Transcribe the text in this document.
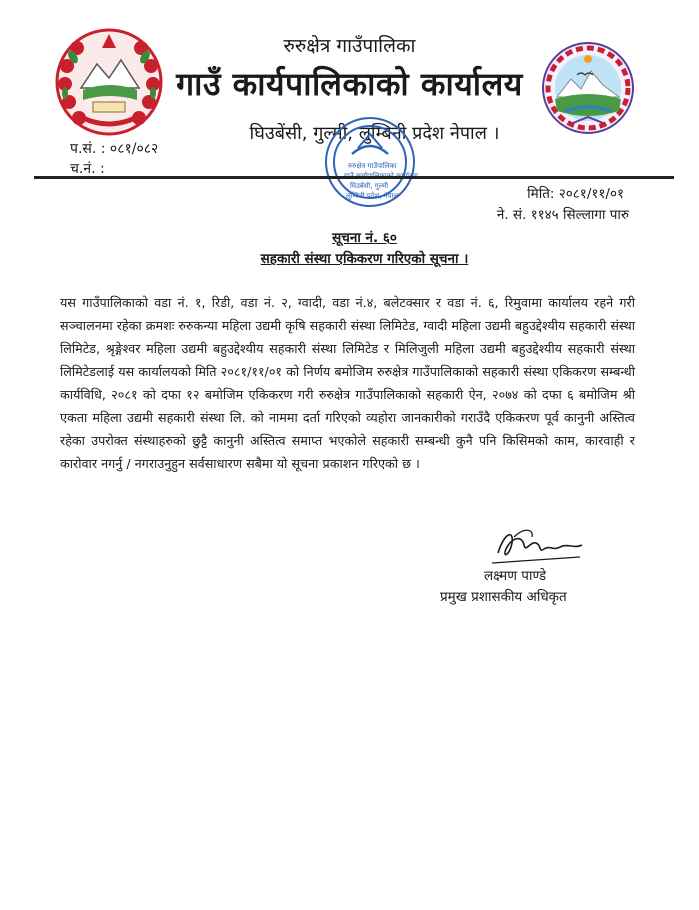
रुरुक्षेत्र गाउँपालिका
गाउँ कार्यपालिकाको कार्यालय
घिउबेंसी, गुल्मी, लुम्बिनी प्रदेश नेपाल ।
प.सं. : ०८१/०८२
च.नं. :	रुरुक्षेत्र गाउँपालिका
गाउँ कार्यपालिकाको कार्यालय
घिउबेंसी, गुल्मी
लुम्बिनी प्रदेश, नेपाल	मिति: २०८१/११/०१
ने. सं. ११४५ सिल्लागा पारु
सूचना नं. ६०
सहकारी संस्था एकिकरण गरिएको सूचना ।
यस गाउँपालिकाको वडा नं. १, रिडी, वडा नं. २, ग्वादी, वडा नं.४, बलेटक्सार र वडा नं. ६, रिमुवामा कार्यालय रहने गरी सञ्चालनमा रहेका क्रमशः रुरुकन्या महिला उद्यमी कृषि सहकारी संस्था लिमिटेड, ग्वादी महिला उद्यमी बहुउद्देश्यीय सहकारी संस्था लिमिटेड, श्रृङ्गेश्वर महिला उद्यमी बहुउद्देश्यीय सहकारी संस्था लिमिटेड र मिलिजुली महिला उद्यमी बहुउद्देश्यीय सहकारी संस्था लिमिटेडलाई यस कार्यालयको मिति २०८१/११/०१ को निर्णय बमोजिम रुरुक्षेत्र गाउँपालिकाको सहकारी संस्था एकिकरण सम्बन्धी कार्यविधि, २०८१ को दफा १२ बमोजिम एकिकरण गरी रुरुक्षेत्र गाउँपालिकाको सहकारी ऐन, २०७४ को दफा ६ बमोजिम श्री एकता महिला उद्यमी सहकारी संस्था लि. को नाममा दर्ता गरिएको व्यहोरा जानकारीको गराउँदै एकिकरण पूर्व कानुनी अस्तित्व रहेका उपरोक्त संस्थाहरुको छुट्टै कानुनी अस्तित्व समाप्त भएकोले सहकारी सम्बन्धी कुनै पनि किसिमको काम, कारवाही र कारोवार नगर्नु / नगराउनुहुन सर्वसाधारण सबैमा यो सूचना प्रकाशन गरिएको छ ।
लक्ष्मण पाण्डे
प्रमुख प्रशासकीय अधिकृत
